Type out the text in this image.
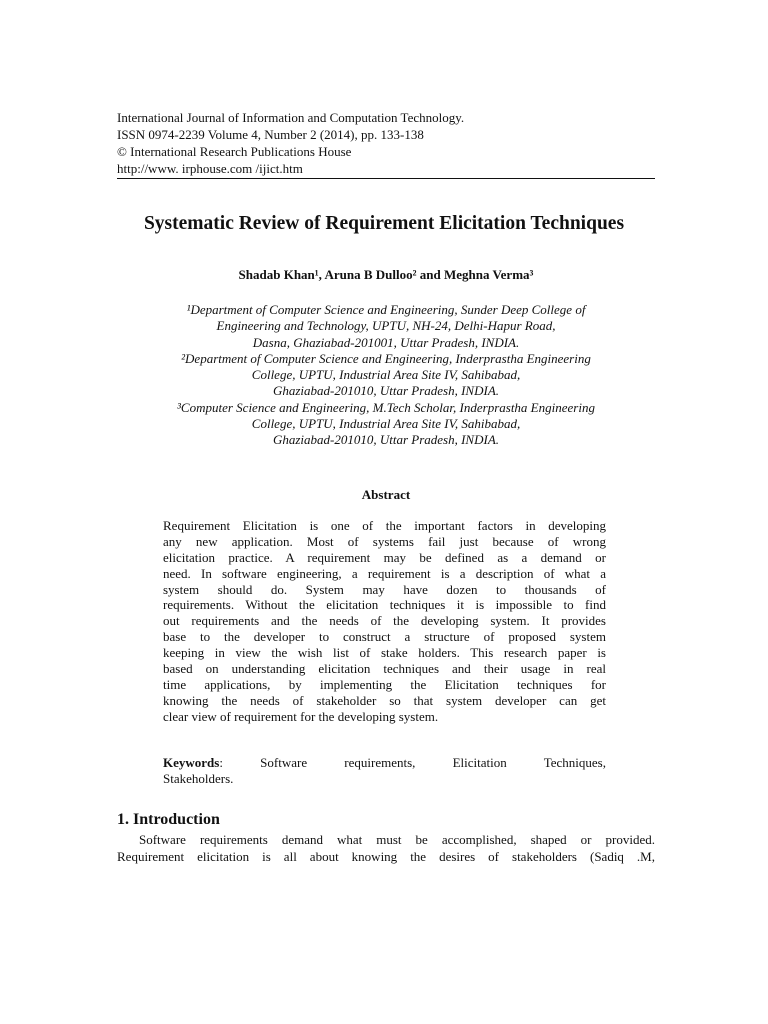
International Journal of Information and Computation Technology.
ISSN 0974-2239 Volume 4, Number 2 (2014), pp. 133-138
© International Research Publications House
http://www. irphouse.com /ijict.htm
Systematic Review of Requirement Elicitation Techniques
Shadab Khan¹, Aruna B Dulloo² and Meghna Verma³
¹Department of Computer Science and Engineering, Sunder Deep College of
Engineering and Technology, UPTU, NH-24, Delhi-Hapur Road,
Dasna, Ghaziabad-201001, Uttar Pradesh, INDIA.
²Department of Computer Science and Engineering, Inderprastha Engineering
College, UPTU, Industrial Area Site IV, Sahibabad,
Ghaziabad-201010, Uttar Pradesh, INDIA.
³Computer Science and Engineering, M.Tech Scholar, Inderprastha Engineering
College, UPTU, Industrial Area Site IV, Sahibabad,
Ghaziabad-201010, Uttar Pradesh, INDIA.
Abstract
Requirement Elicitation is one of the important factors in developing
any new application. Most of systems fail just because of wrong
elicitation practice. A requirement may be defined as a demand or
need. In software engineering, a requirement is a description of what a
system should do. System may have dozen to thousands of
requirements. Without the elicitation techniques it is impossible to find
out requirements and the needs of the developing system. It provides
base to the developer to construct a structure of proposed system
keeping in view the wish list of stake holders. This research paper is
based on understanding elicitation techniques and their usage in real
time applications, by implementing the Elicitation techniques for
knowing the needs of stakeholder so that system developer can get
clear view of requirement for the developing system.
Keywords: Software requirements, Elicitation Techniques,
Stakeholders.
1. Introduction
Software requirements demand what must be accomplished, shaped or provided.
Requirement elicitation is all about knowing the desires of stakeholders (Sadiq .M,
